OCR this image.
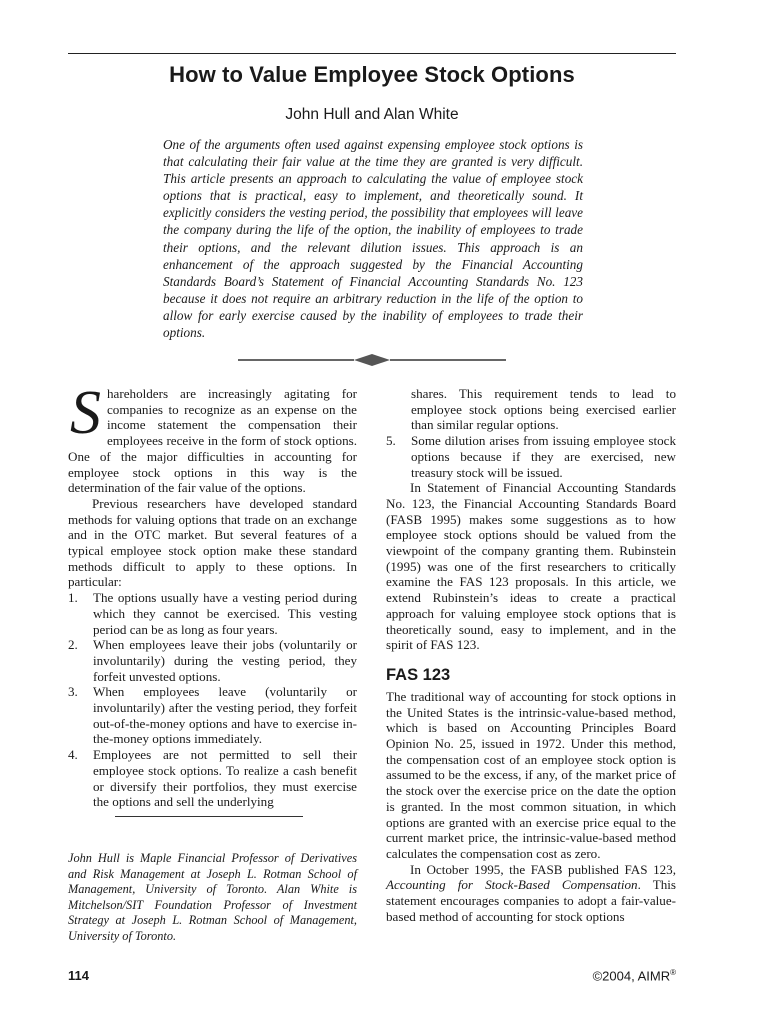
How to Value Employee Stock Options
John Hull and Alan White

One of the arguments often used against expensing employee stock options is that calculating their fair value at the time they are granted is very difficult. This article presents an approach to calculating the value of employee stock options that is practical, easy to implement, and theoretically sound. It explicitly considers the vesting period, the possibility that employees will leave the company during the life of the option, the inability of employees to trade their options, and the relevant dilution issues. This approach is an enhancement of the approach suggested by the Financial Accounting Standards Board’s Statement of Financial Accounting Standards No. 123 because it does not require an arbitrary reduction in the life of the option to allow for early exercise caused by the inability of employees to trade their options.

Shareholders are increasingly agitating for companies to recognize as an expense on the income statement the compensation their employees receive in the form of stock options. One of the major difficulties in accounting for employee stock options in this way is the determination of the fair value of the options.

Previous researchers have developed standard methods for valuing options that trade on an exchange and in the OTC market. But several features of a typical employee stock option make these standard methods difficult to apply to these options. In particular:

1. The options usually have a vesting period during which they cannot be exercised. This vesting period can be as long as four years.
2. When employees leave their jobs (voluntarily or involuntarily) during the vesting period, they forfeit unvested options.
3. When employees leave (voluntarily or involuntarily) after the vesting period, they forfeit out-of-the-money options and have to exercise in-the-money options immediately.
4. Employees are not permitted to sell their employee stock options. To realize a cash benefit or diversify their portfolios, they must exercise the options and sell the underlying

John Hull is Maple Financial Professor of Derivatives and Risk Management at Joseph L. Rotman School of Management, University of Toronto. Alan White is Mitchelson/SIT Foundation Professor of Investment Strategy at Joseph L. Rotman School of Management, University of Toronto.

shares. This requirement tends to lead to employee stock options being exercised earlier than similar regular options.

5. Some dilution arises from issuing employee stock options because if they are exercised, new treasury stock will be issued.

In Statement of Financial Accounting Standards No. 123, the Financial Accounting Standards Board (FASB 1995) makes some suggestions as to how employee stock options should be valued from the viewpoint of the company granting them. Rubinstein (1995) was one of the first researchers to critically examine the FAS 123 proposals. In this article, we extend Rubinstein’s ideas to create a practical approach for valuing employee stock options that is theoretically sound, easy to implement, and in the spirit of FAS 123.

FAS 123

The traditional way of accounting for stock options in the United States is the intrinsic-value-based method, which is based on Accounting Principles Board Opinion No. 25, issued in 1972. Under this method, the compensation cost of an employee stock option is assumed to be the excess, if any, of the market price of the stock over the exercise price on the date the option is granted. In the most common situation, in which options are granted with an exercise price equal to the current market price, the intrinsic-value-based method calculates the compensation cost as zero.

In October 1995, the FASB published FAS 123, Accounting for Stock-Based Compensation. This statement encourages companies to adopt a fair-value-based method of accounting for stock options

114	©2004, AIMR®
